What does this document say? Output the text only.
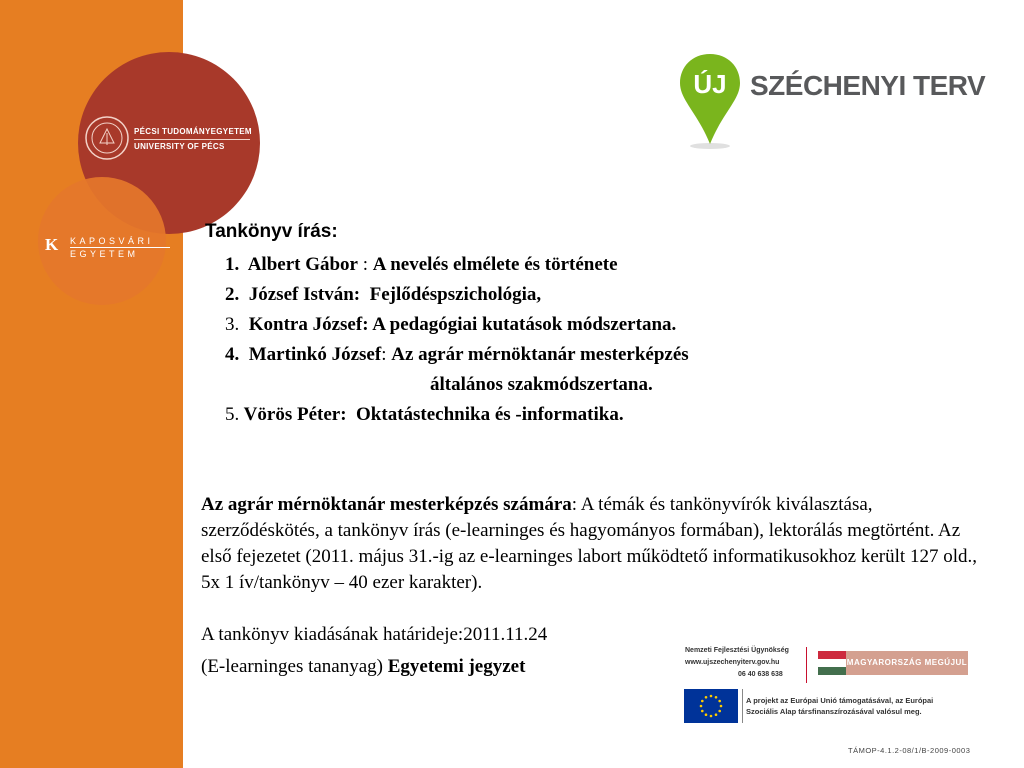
PÉCSI TUDOMÁNYEGYETEM
UNIVERSITY OF PÉCS
K KAPOSVÁRI
EGYETEM
ÚJ SZÉCHENYI TERV
Tankönyv írás:
1. Albert Gábor : A nevelés elmélete és története
2. József István: Fejlődéspszichológia,
3. Kontra József: A pedagógiai kutatások módszertana.
4. Martinkó József: Az agrár mérnöktanár mesterképzés
általános szakmódszertana.
5. Vörös Péter: Oktatástechnika és -informatika.
Az agrár mérnöktanár mesterképzés számára: A témák és tankönyvírók kiválasztása, szerződéskötés, a tankönyv írás (e-learninges és hagyományos formában), lektorálás megtörtént. Az első fejezetet (2011. május 31.-ig az e-learninges labort működtető informatikusokhoz került 127 old., 5x 1 ív/tankönyv – 40 ezer karakter).
A tankönyv kiadásának határideje:2011.11.24
(E-learninges tananyag) Egyetemi jegyzet
Nemzeti Fejlesztési Ügynökség
www.ujszechenyiterv.gov.hu
06 40 638 638
MAGYARORSZÁG MEGÚJUL
A projekt az Európai Unió támogatásával, az Európai
Szociális Alap társfinanszírozásával valósul meg.
TÁMOP-4.1.2-08/1/B-2009-0003
